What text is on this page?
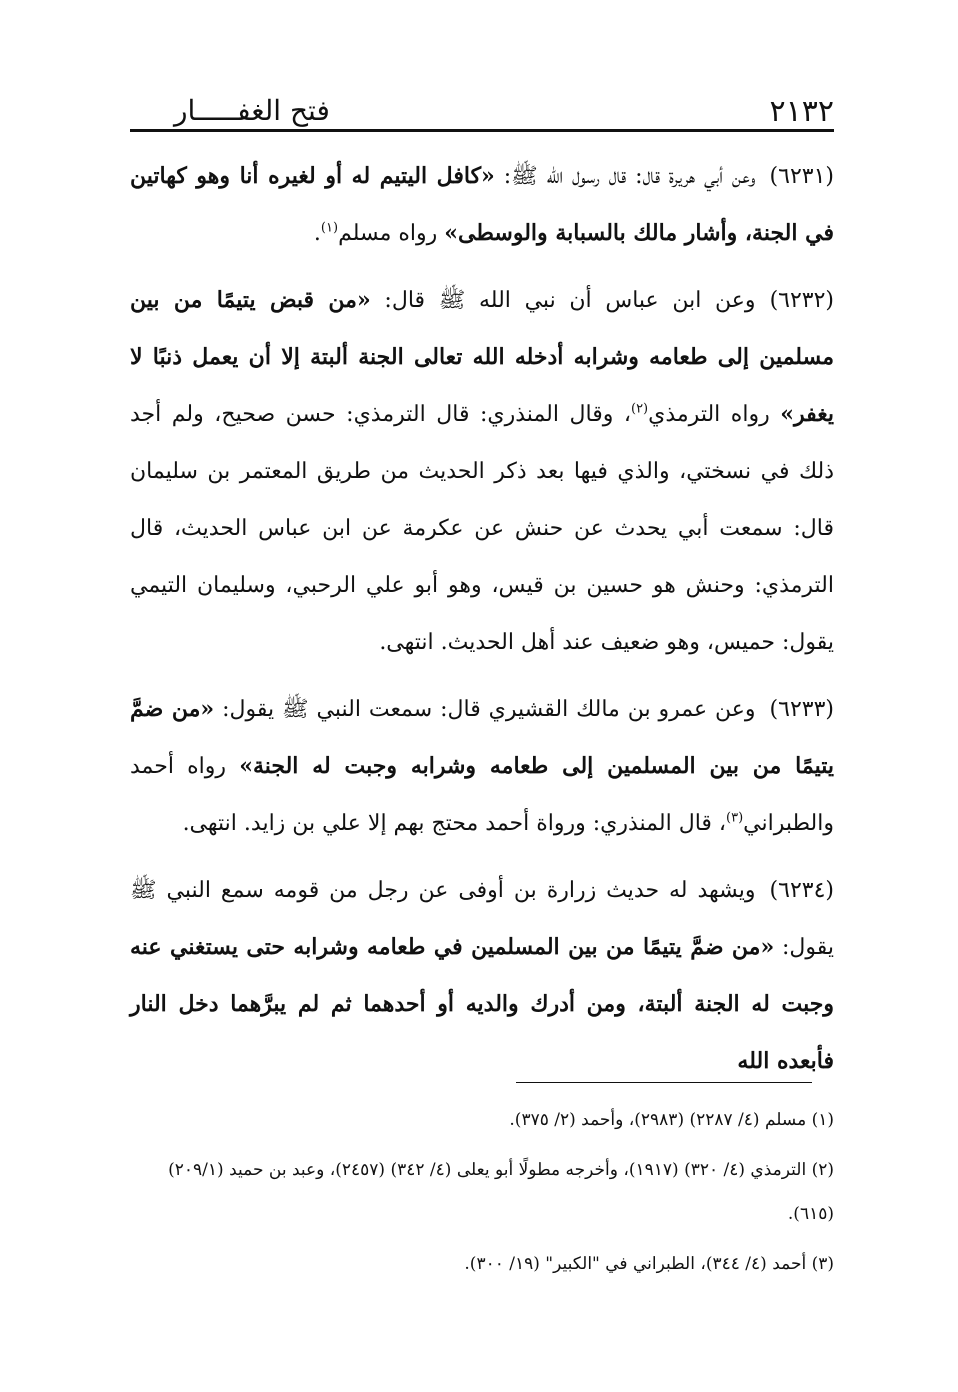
٢١٣٢
فتح الغفـــــار

(٦٢٣١)وعن أبي هريرة قال: قال رسول الله ﷺ: «كافل اليتيم له أو لغيره أنا وهو كهاتين في الجنة، وأشار مالك بالسبابة والوسطى» رواه مسلم$^{(١)}$.

(٦٢٣٢)وعن ابن عباس أن نبي الله ﷺ قال: «من قبض يتيمًا من بين مسلمين إلى طعامه وشرابه أدخله الله تعالى الجنة ألبتة إلا أن يعمل ذنبًا لا يغفر» رواه الترمذي$^{(٢)}$، وقال المنذري: قال الترمذي: حسن صحيح، ولم أجد ذلك في نسختي، والذي فيها بعد ذكر الحديث من طريق المعتمر بن سليمان قال: سمعت أبي يحدث عن حنش عن عكرمة عن ابن عباس الحديث، قال الترمذي: وحنش هو حسين بن قيس، وهو أبو علي الرحبي، وسليمان التيمي يقول: حميس، وهو ضعيف عند أهل الحديث. انتهى.

(٦٢٣٣)وعن عمرو بن مالك القشيري قال: سمعت النبي ﷺ يقول: «من ضمَّ يتيمًا من بين المسلمين إلى طعامه وشرابه وجبت له الجنة» رواه أحمد والطبراني$^{(٣)}$، قال المنذري: ورواة أحمد محتج بهم إلا علي بن زايد. انتهى.

(٦٢٣٤)ويشهد له حديث زرارة بن أوفى عن رجل من قومه سمع النبي ﷺ يقول: «من ضمَّ يتيمًا من بين المسلمين في طعامه وشرابه حتى يستغني عنه وجبت له الجنة ألبتة، ومن أدرك والديه أو أحدهما ثم لم يبرَّهما دخل النار فأبعده الله

(١) مسلم (٤/ ٢٢٨٧) (٢٩٨٣)، وأحمد (٢/ ٣٧٥).

(٢) الترمذي (٤/ ٣٢٠) (١٩١٧)، وأخرجه مطولًا أبو يعلى (٤/ ٣٤٢) (٢٤٥٧)، وعبد بن حميد (٢٠٩/١) (٦١٥).

(٣) أحمد (٤/ ٣٤٤)، الطبراني في "الكبير" (١٩/ ٣٠٠).
